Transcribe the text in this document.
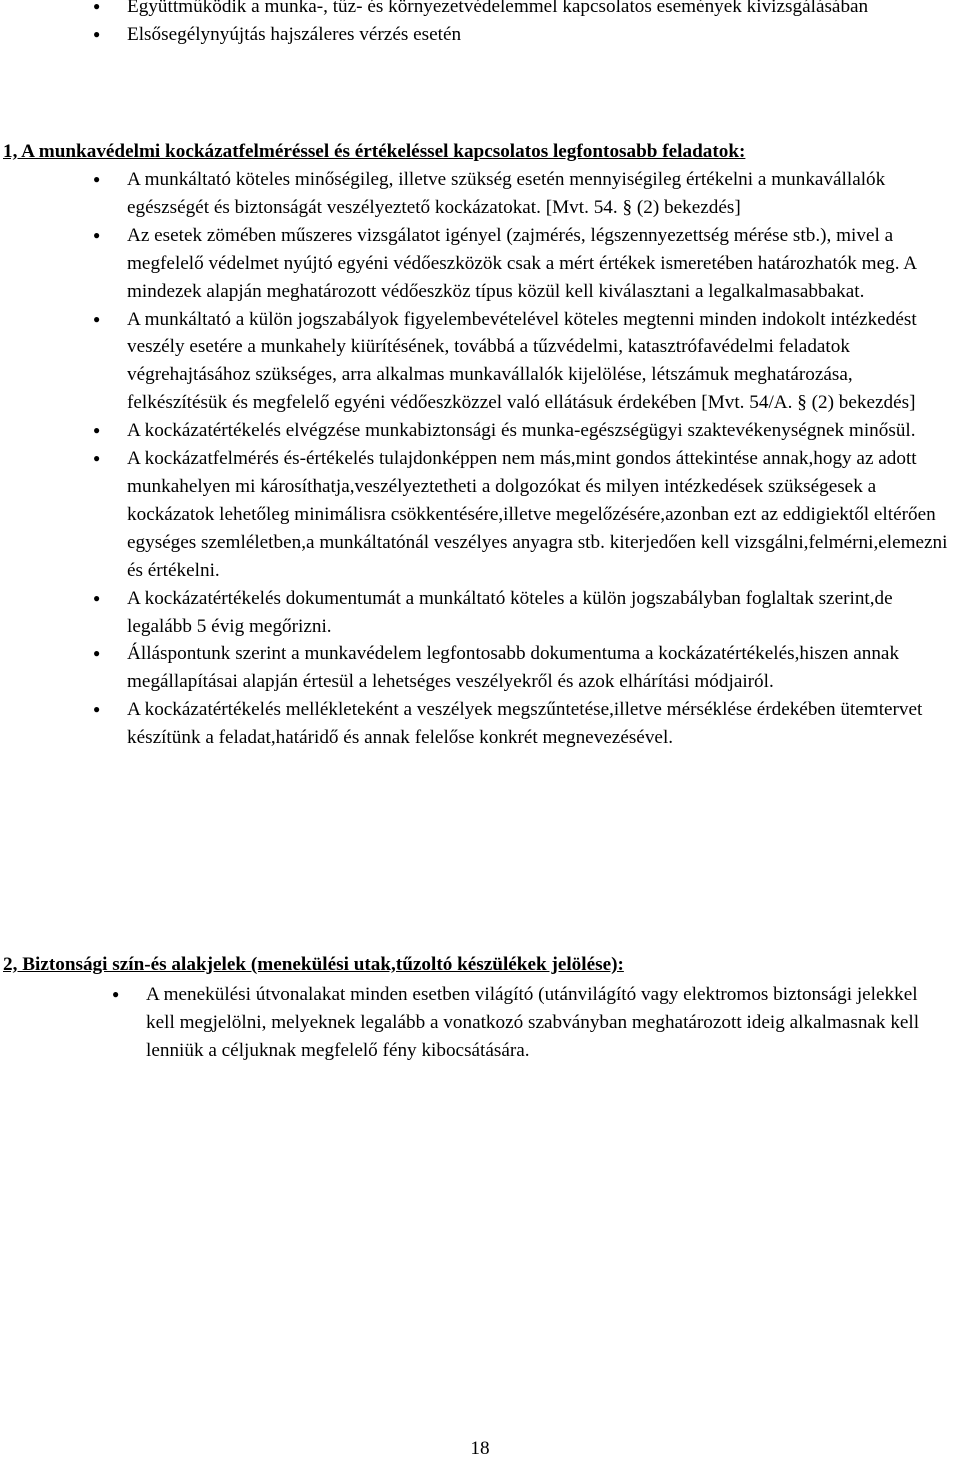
● Együttműködik a munka-, tűz- és környezetvédelemmel kapcsolatos események kivizsgálásában
● Elsősegélynyújtás hajszáleres vérzés esetén
1, A munkavédelmi kockázatfelméréssel és értékeléssel kapcsolatos legfontosabb feladatok:
● A munkáltató köteles minőségileg, illetve szükség esetén mennyiségileg értékelni a munkavállalók egészségét és biztonságát veszélyeztető kockázatokat. [Mvt. 54. § (2) bekezdés]
● Az esetek zömében műszeres vizsgálatot igényel (zajmérés, légszennyezettség mérése stb.), mivel a megfelelő védelmet nyújtó egyéni védőeszközök csak a mért értékek ismeretében határozhatók meg. A mindezek alapján meghatározott védőeszköz típus közül kell kiválasztani a legalkalmasabbakat.
● A munkáltató a külön jogszabályok figyelembevételével köteles megtenni minden indokolt intézkedést veszély esetére a munkahely kiürítésének, továbbá a tűzvédelmi, katasztrófavédelmi feladatok végrehajtásához szükséges, arra alkalmas munkavállalók kijelölése, létszámuk meghatározása, felkészítésük és megfelelő egyéni védőeszközzel való ellátásuk érdekében [Mvt. 54/A. § (2) bekezdés]
● A kockázatértékelés elvégzése munkabiztonsági és munka-egészségügyi szaktevékenységnek minősül.
● A kockázatfelmérés és-értékelés tulajdonképpen nem más,mint gondos áttekintése annak,hogy az adott munkahelyen mi károsíthatja,veszélyeztetheti a dolgozókat és milyen intézkedések szükségesek a kockázatok lehetőleg minimálisra csökkentésére,illetve megelőzésére,azonban ezt az eddigiektől eltérően egységes szemléletben,a munkáltatónál veszélyes anyagra stb. kiterjedően kell vizsgálni,felmérni,elemezni és értékelni.
● A kockázatértékelés dokumentumát a munkáltató köteles a külön jogszabályban foglaltak szerint,de legalább 5 évig megőrizni.
● Álláspontunk szerint a munkavédelem legfontosabb dokumentuma a kockázatértékelés,hiszen annak megállapításai alapján értesül a lehetséges veszélyekről és azok elhárítási módjairól.
● A kockázatértékelés mellékleteként a veszélyek megszűntetése,illetve mérséklése érdekében ütemtervet készítünk a feladat,határidő és annak felelőse konkrét megnevezésével.
2, Biztonsági szín-és alakjelek (menekülési utak,tűzoltó készülékek jelölése):
● A menekülési útvonalakat minden esetben világító (utánvilágító vagy elektromos biztonsági jelekkel kell megjelölni, melyeknek legalább a vonatkozó szabványban meghatározott ideig alkalmasnak kell lenniük a céljuknak megfelelő fény kibocsátására.
18
